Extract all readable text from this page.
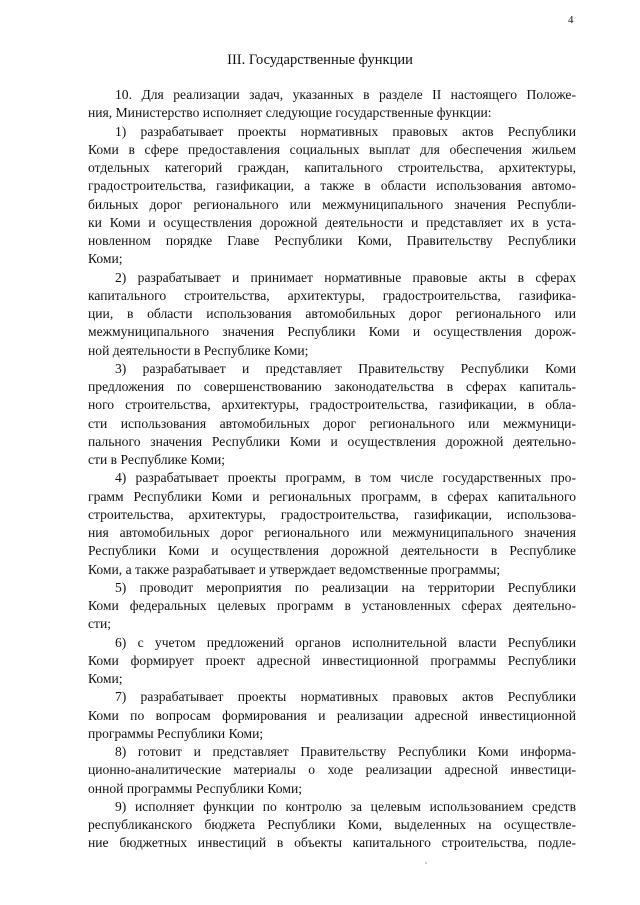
4
III. Государственные функции
10. Для реализации задач, указанных в разделе II настоящего Положе-
ния, Министерство исполняет следующие государственные функции:
1) разрабатывает проекты нормативных правовых актов Республики
Коми в сфере предоставления социальных выплат для обеспечения жильем
отдельных категорий граждан, капитального строительства, архитектуры,
градостроительства, газификации, а также в области использования автомо-
бильных дорог регионального или межмуниципального значения Республи-
ки Коми и осуществления дорожной деятельности и представляет их в уста-
новленном порядке Главе Республики Коми, Правительству Республики
Коми;
2) разрабатывает и принимает нормативные правовые акты в сферах
капитального строительства, архитектуры, градостроительства, газифика-
ции, в области использования автомобильных дорог регионального или
межмуниципального значения Республики Коми и осуществления дорож-
ной деятельности в Республике Коми;
3) разрабатывает и представляет Правительству Республики Коми
предложения по совершенствованию законодательства в сферах капиталь-
ного строительства, архитектуры, градостроительства, газификации, в обла-
сти использования автомобильных дорог регионального или межмуници-
пального значения Республики Коми и осуществления дорожной деятельно-
сти в Республике Коми;
4) разрабатывает проекты программ, в том числе государственных про-
грамм Республики Коми и региональных программ, в сферах капитального
строительства, архитектуры, градостроительства, газификации, использова-
ния автомобильных дорог регионального или межмуниципального значения
Республики Коми и осуществления дорожной деятельности в Республике
Коми, а также разрабатывает и утверждает ведомственные программы;
5) проводит мероприятия по реализации на территории Республики
Коми федеральных целевых программ в установленных сферах деятельно-
сти;
6) с учетом предложений органов исполнительной власти Республики
Коми формирует проект адресной инвестиционной программы Республики
Коми;
7) разрабатывает проекты нормативных правовых актов Республики
Коми по вопросам формирования и реализации адресной инвестиционной
программы Республики Коми;
8) готовит и представляет Правительству Республики Коми информа-
ционно-аналитические материалы о ходе реализации адресной инвестици-
онной программы Республики Коми;
9) исполняет функции по контролю за целевым использованием средств
республиканского бюджета Республики Коми, выделенных на осуществле-
ние бюджетных инвестиций в объекты капитального строительства, подле-
